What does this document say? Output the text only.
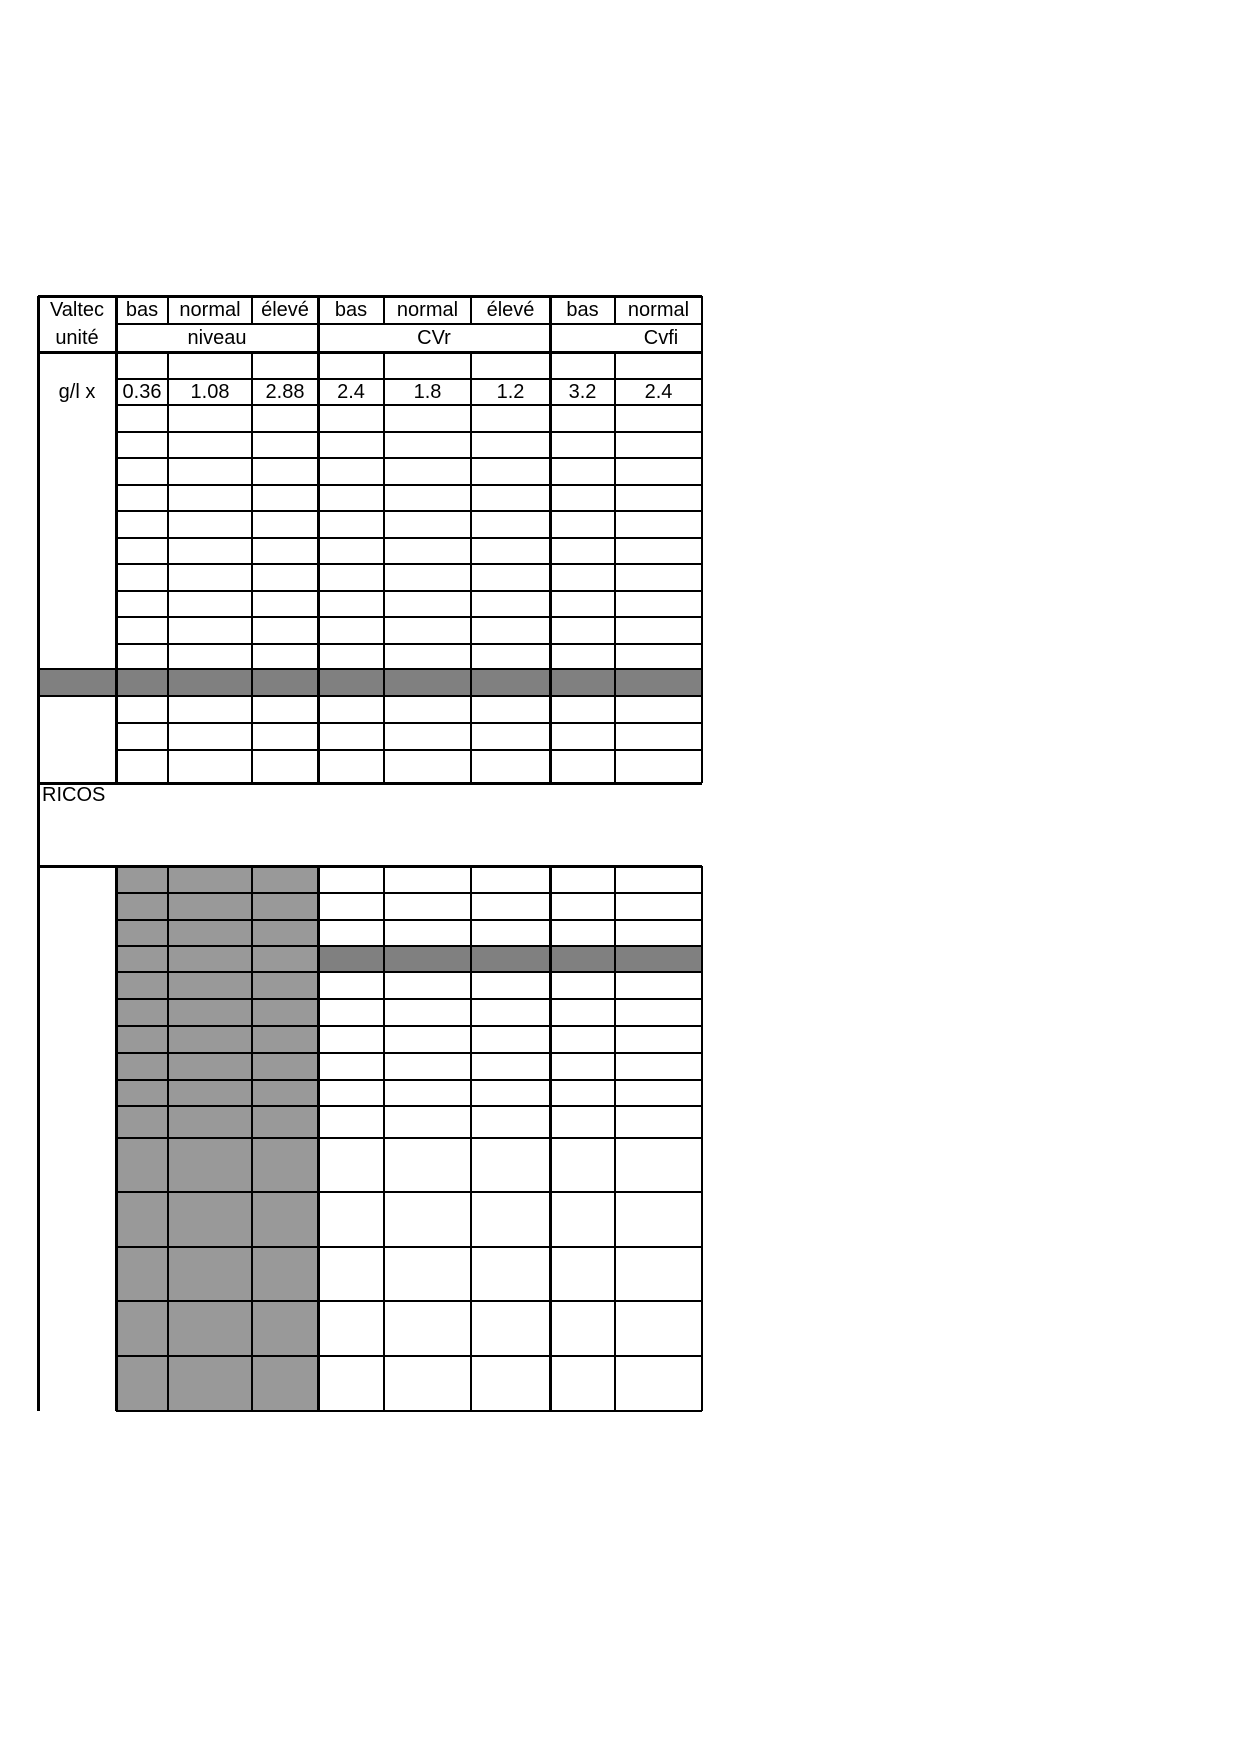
Valtec	bas	normal	élevé	bas	normal	élevé	bas	normal
unité	niveau	CVr	Cvfi
g/l x	0.36	1.08	2.88	2.4	1.8	1.2	3.2	2.4
RICOS
